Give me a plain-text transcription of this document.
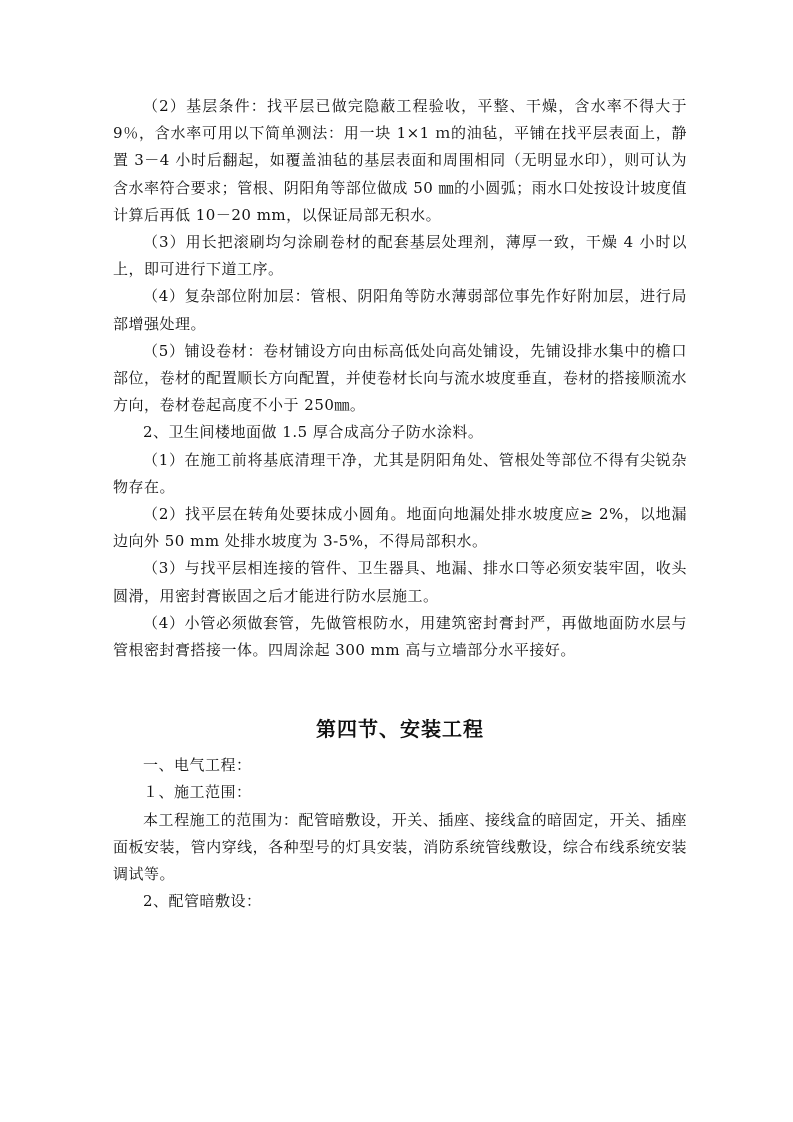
（2）基层条件：找平层已做完隐蔽工程验收，平整、干燥，含水率不得大于 9％，含水率可用以下简单测法：用一块 1×1 ｍ的油毡，平铺在找平层表面上，静置 3－4 小时后翻起，如覆盖油毡的基层表面和周围相同（无明显水印），则可认为含水率符合要求；管根、阴阳角等部位做成 50 ㎜的小圆弧；雨水口处按设计坡度值计算后再低 10－20 mm，以保证局部无积水。

（3）用长把滚刷均匀涂刷卷材的配套基层处理剂，薄厚一致，干燥 4 小时以上，即可进行下道工序。

（4）复杂部位附加层：管根、阴阳角等防水薄弱部位事先作好附加层，进行局部增强处理。

（5）铺设卷材：卷材铺设方向由标高低处向高处铺设，先铺设排水集中的檐口部位，卷材的配置顺长方向配置，并使卷材长向与流水坡度垂直，卷材的搭接顺流水方向，卷材卷起高度不小于 250㎜。

2、卫生间楼地面做 1.5 厚合成高分子防水涂料。

（1）在施工前将基底清理干净，尤其是阴阳角处、管根处等部位不得有尖锐杂物存在。

（2）找平层在转角处要抹成小圆角。地面向地漏处排水坡度应≥ 2%，以地漏边向外 50 mm 处排水坡度为 3-5%，不得局部积水。

（3）与找平层相连接的管件、卫生器具、地漏、排水口等必须安装牢固，收头圆滑，用密封膏嵌固之后才能进行防水层施工。

（4）小管必须做套管，先做管根防水，用建筑密封膏封严，再做地面防水层与管根密封膏搭接一体。四周涂起 300 mm 高与立墙部分水平接好。

第四节、安装工程

一、电气工程：

１、施工范围：

本工程施工的范围为：配管暗敷设，开关、插座、接线盒的暗固定，开关、插座面板安装，管内穿线，各种型号的灯具安装，消防系统管线敷设，综合布线系统安装调试等。

2、配管暗敷设：
